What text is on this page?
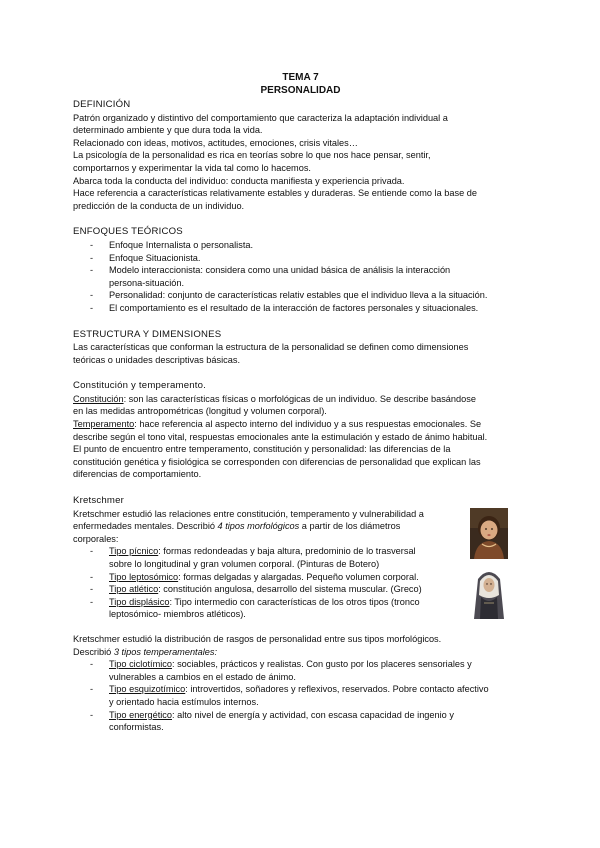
TEMA 7
PERSONALIDAD
DEFINICIÓN
Patrón organizado y distintivo del comportamiento que caracteriza la adaptación individual a
determinado ambiente y que dura toda la vida.
Relacionado con ideas, motivos, actitudes, emociones, crisis vitales…
La psicología de la personalidad es rica en teorías sobre lo que nos hace pensar, sentir,
comportarnos y experimentar la vida tal como lo hacemos.
Abarca toda la conducta del individuo: conducta manifiesta y experiencia privada.
Hace referencia a características relativamente estables y duraderas. Se entiende como la base de
predicción de la conducta de un individuo.
ENFOQUES TEÓRICOS
- Enfoque Internalista o personalista.
- Enfoque Situacionista.
- Modelo interaccionista: considera como una unidad básica de análisis la interacción
persona-situación.
- Personalidad: conjunto de características relativ estables que el individuo lleva a la situación.
- El comportamiento es el resultado de la interacción de factores personales y situacionales.
ESTRUCTURA Y DIMENSIONES
Las características que conforman la estructura de la personalidad se definen como dimensiones
teóricas o unidades descriptivas básicas.
Constitución y temperamento.
Constitución: son las características físicas o morfológicas de un individuo. Se describe basándose
en las medidas antropométricas (longitud y volumen corporal).
Temperamento: hace referencia al aspecto interno del individuo y a sus respuestas emocionales. Se
describe según el tono vital, respuestas emocionales ante la estimulación y estado de ánimo habitual.
El punto de encuentro entre temperamento, constitución y personalidad: las diferencias de la
constitución genética y fisiológica se corresponden con diferencias de personalidad que explican las
diferencias de comportamiento.
Kretschmer
Kretschmer estudió las relaciones entre constitución, temperamento y vulnerabilidad a
enfermedades mentales. Describió 4 tipos morfológicos a partir de los diámetros
corporales:
- Tipo pícnico: formas redondeadas y baja altura, predominio de lo trasversal
sobre lo longitudinal y gran volumen corporal. (Pinturas de Botero)
- Tipo leptosómico: formas delgadas y alargadas. Pequeño volumen corporal.
- Tipo atlético: constitución angulosa, desarrollo del sistema muscular. (Greco)
- Tipo displásico: Tipo intermedio con características de los otros tipos (tronco
leptosómico- miembros atléticos).
Kretschmer estudió la distribución de rasgos de personalidad entre sus tipos morfológicos.
Describió 3 tipos temperamentales:
- Tipo ciclotímico: sociables, prácticos y realistas. Con gusto por los placeres sensoriales y
vulnerables a cambios en el estado de ánimo.
- Tipo esquizotímico: introvertidos, soñadores y reflexivos, reservados. Pobre contacto afectivo
y orientado hacia estímulos internos.
- Tipo energético: alto nivel de energía y actividad, con escasa capacidad de ingenio y
conformistas.
